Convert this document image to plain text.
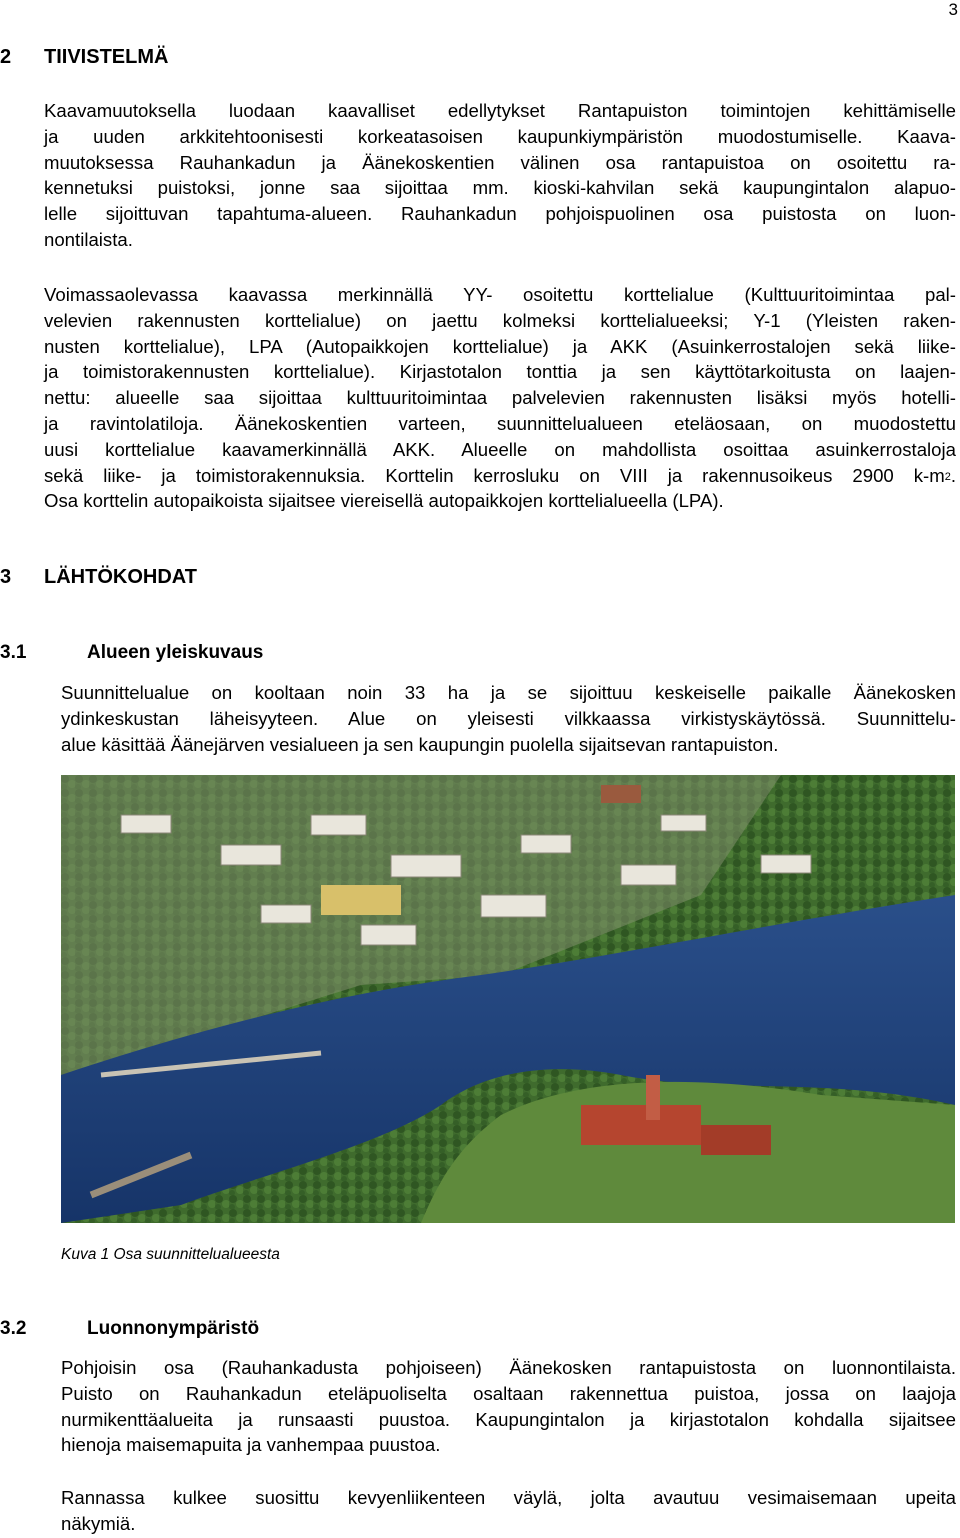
3
2 TIIVISTELMÄ
Kaavamuutoksella luodaan kaavalliset edellytykset Rantapuiston toimintojen kehittämiselle
ja uuden arkkitehtoonisesti korkeatasoisen kaupunkiympäristön muodostumiselle. Kaava-
muutoksessa Rauhankadun ja Äänekoskentien välinen osa rantapuistoa on osoitettu ra-
kennetuksi puistoksi, jonne saa sijoittaa mm. kioski-kahvilan sekä kaupungintalon alapuo-
lelle sijoittuvan tapahtuma-alueen. Rauhankadun pohjoispuolinen osa puistosta on luon-
nontilaista.
Voimassaolevassa kaavassa merkinnällä YY- osoitettu korttelialue (Kulttuuritoimintaa pal-
velevien rakennusten korttelialue) on jaettu kolmeksi korttelialueeksi; Y-1 (Yleisten raken-
nusten korttelialue), LPA (Autopaikkojen korttelialue) ja AKK (Asuinkerrostalojen sekä liike-
ja toimistorakennusten korttelialue). Kirjastotalon tonttia ja sen käyttötarkoitusta on laajen-
nettu: alueelle saa sijoittaa kulttuuritoimintaa palvelevien rakennusten lisäksi myös hotelli-
ja ravintolatiloja. Äänekoskentien varteen, suunnittelualueen eteläosaan, on muodostettu
uusi korttelialue kaavamerkinnällä AKK. Alueelle on mahdollista osoittaa asuinkerrostaloja
sekä liike- ja toimistorakennuksia. Korttelin kerrosluku on VIII ja rakennusoikeus 2900 $k-m^2$.
Osa korttelin autopaikoista sijaitsee viereisellä autopaikkojen korttelialueella (LPA).
3 LÄHTÖKOHDAT
3.1	Alueen yleiskuvaus
Suunnittelualue on kooltaan noin 33 ha ja se sijoittuu keskeiselle paikalle Äänekosken
ydinkeskustan läheisyyteen. Alue on yleisesti vilkkaassa virkistyskäytössä. Suunnittelu-
alue käsittää Äänejärven vesialueen ja sen kaupungin puolella sijaitsevan rantapuiston.
Kuva 1 Osa suunnittelualueesta
3.2	Luonnonympäristö
Pohjoisin osa (Rauhankadusta pohjoiseen) Äänekosken rantapuistosta on luonnontilaista.
Puisto on Rauhankadun eteläpuoliselta osaltaan rakennettua puistoa, jossa on laajoja
nurmikenttäalueita ja runsaasti puustoa. Kaupungintalon ja kirjastotalon kohdalla sijaitsee
hienoja maisemapuita ja vanhempaa puustoa.
Rannassa kulkee suosittu kevyenliikenteen väylä, jolta avautuu vesimaisemaan upeita
näkymiä.
